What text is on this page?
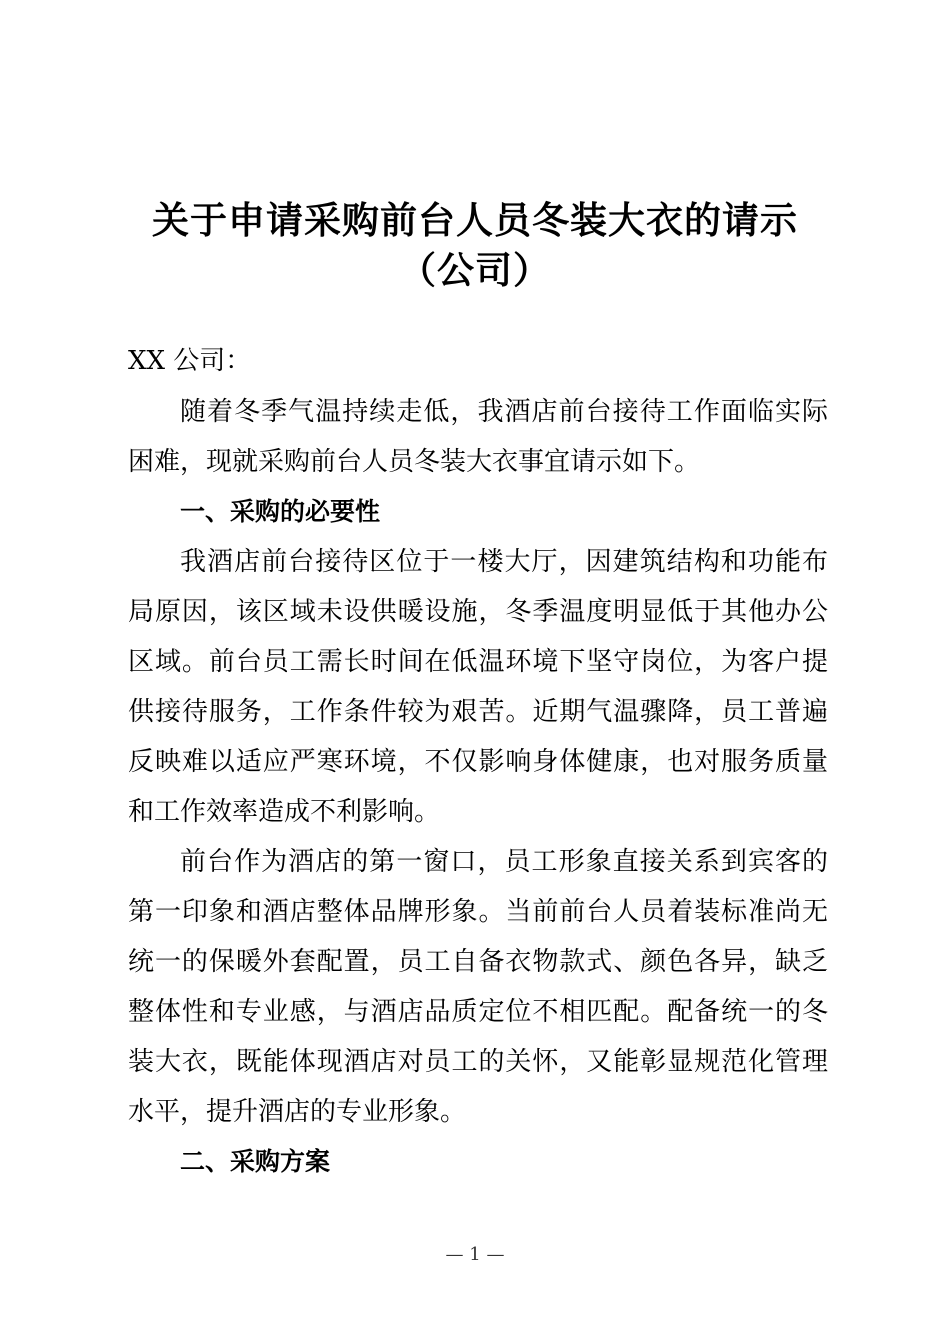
关于申请采购前台人员冬装大衣的请示
（公司）
XX 公司：

随着冬季气温持续走低，我酒店前台接待工作面临实际困难，现就采购前台人员冬装大衣事宜请示如下。

一、采购的必要性

我酒店前台接待区位于一楼大厅，因建筑结构和功能布局原因，该区域未设供暖设施，冬季温度明显低于其他办公区域。前台员工需长时间在低温环境下坚守岗位，为客户提供接待服务，工作条件较为艰苦。近期气温骤降，员工普遍反映难以适应严寒环境，不仅影响身体健康，也对服务质量和工作效率造成不利影响。

前台作为酒店的第一窗口，员工形象直接关系到宾客的第一印象和酒店整体品牌形象。当前前台人员着装标准尚无统一的保暖外套配置，员工自备衣物款式、颜色各异，缺乏整体性和专业感，与酒店品质定位不相匹配。配备统一的冬装大衣，既能体现酒店对员工的关怀，又能彰显规范化管理水平，提升酒店的专业形象。

二、采购方案

— 1 —
